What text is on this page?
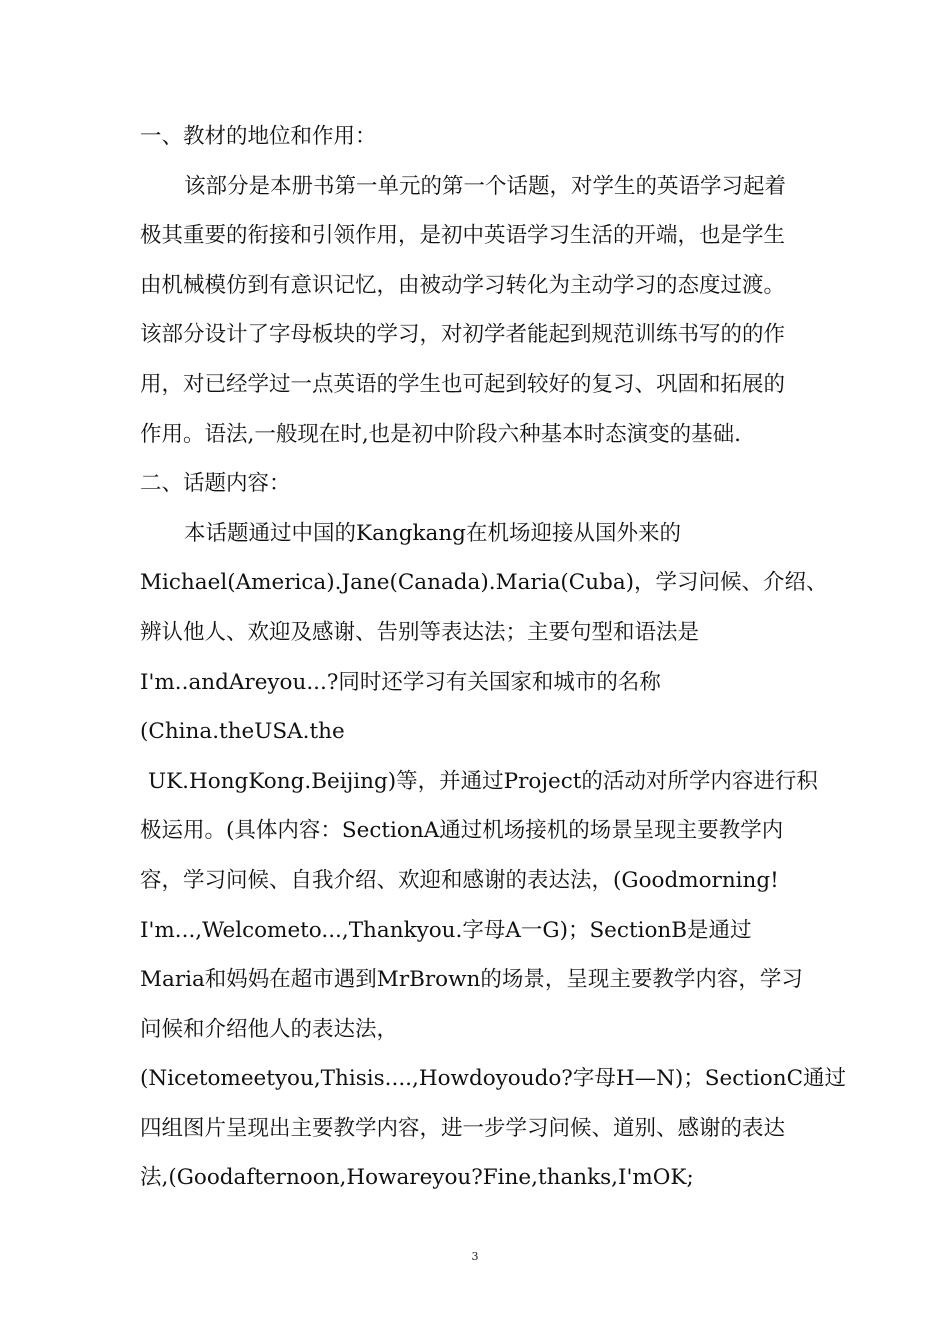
一、教材的地位和作用：
该部分是本册书第一单元的第一个话题，对学生的英语学习起着
极其重要的衔接和引领作用，是初中英语学习生活的开端，也是学生
由机械模仿到有意识记忆，由被动学习转化为主动学习的态度过渡。
该部分设计了字母板块的学习，对初学者能起到规范训练书写的的作
用，对已经学过一点英语的学生也可起到较好的复习、巩固和拓展的
作用。语法,一般现在时,也是初中阶段六种基本时态演变的基础.
二、话题内容：
本话题通过中国的Kangkang在机场迎接从国外来的
Michael(America).Jane(Canada).Maria(Cuba)，学习问候、介绍、
辨认他人、欢迎及感谢、告别等表达法；主要句型和语法是
I'm..andAreyou...?同时还学习有关国家和城市的名称
(China.theUSA.the
UK.HongKong.Beijing)等，并通过Project的活动对所学内容进行积
极运用。(具体内容：SectionA通过机场接机的场景呈现主要教学内
容，学习问候、自我介绍、欢迎和感谢的表达法，(Goodmorning!
I'm...,Welcometo...,Thankyou.字母A一G)；SectionB是通过
Maria和妈妈在超市遇到MrBrown的场景，呈现主要教学内容，学习
问候和介绍他人的表达法，
(Nicetomeetyou,Thisis....,Howdoyoudo?字母H—N)；SectionC通过
四组图片呈现出主要教学内容，进一步学习问候、道别、感谢的表达
法,(Goodafternoon,Howareyou?Fine,thanks,I'mOK;
3
